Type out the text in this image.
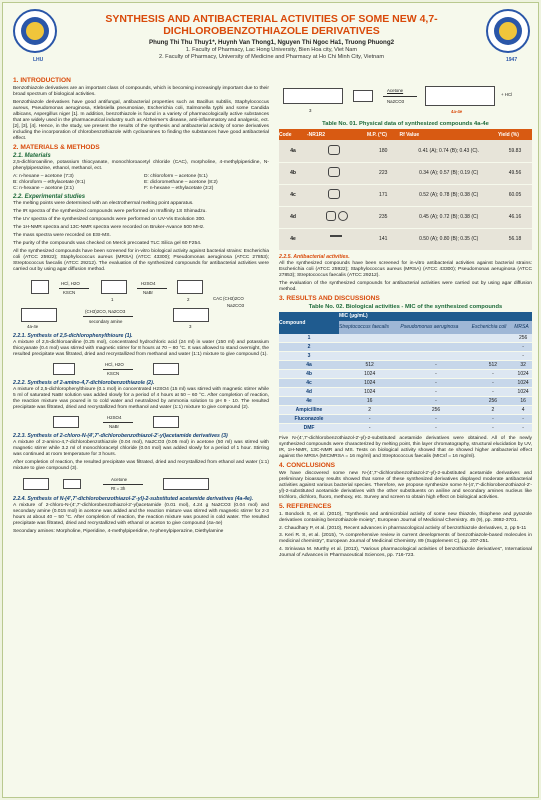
LHU
SYNTHESIS AND ANTIBACTERIAL ACTIVITIES OF SOME NEW 4,7-DICHLOROBENZOTHIAZOLE DERIVATIVES
Phung Thi Thu Thuy1*, Huynh Van Thong1, Nguyen Thi Ngoc Ha1, Truong Phuong2
1. Faculty of Pharmacy, Lac Hong University, Bien Hoa city, Viet Nam
2. Faculty of Pharmacy, University of Medicine and Pharmacy at Ho Chi Minh City, Vietnam	1947
1. INTRODUCTION

Benzothiazole derivatives are an important class of compounds, which is becoming increasingly important due to their broad spectrum of biological activities.

Benzothiazole derivatives have good antifungal, antibacterial properties such as Bacillus subtilis, Staphylococcus aureus, Pseudomonas aeruginosa, Klebsiella pneumoniae, Escherichia coli, Salmonella typhi and some Candida albicans, Aspergillus niger [1]. In addition, benzothiazole is found in a variety of pharmacologically active substances that are widely used in the pharmaceutical industry such as Alzheimer's disease, anti-inflammatory and analgesic, ect. [2], [3], [4]. Hence, in the study, we present the results of the synthesis and antibacterial activity of some derivatives including the incorporation of chlorobenzothiazole with cycloamines to finding the substances have good antibacterial effect.

2. MATERIALS & METHODS
2.1. Materials

2,5-dichloroaniline, potassium thiocyanate, monochloroacetyl chloride (CAC), morpholine, 4-methylpiperidine, N-phenylpiperazine, ethanol, methanol, ect.

A: n-hexane – acetone (7:3)	D: chloroform – acetone (5:1)
B: chloroform – ethylacetate (9:1)	E: dicloromethane – acetone (8:2)
C: n-hexane – acetone (2:1)	F: n-hexane – ethylacetate (3:2)
2.2. Experimental studies

The melting points were determined with an electrothermal melting point apparatus.

The IR spectra of the synthesized compounds were performed on Irraffinity 1S Shimadzu.

The UV spectra of the synthesized compounds were performed on UV-Vis Evolution 300.

The 1H-NMR spectra and 13C-NMR spectra were recorded on Bruker-Avance 500 MHz.

The mass spectra were recorded on ESI-MS.

The purity of the compounds was checked on Merck precoated TLC Silica gel 60 F254.

All the synthesized compounds have been screened for in-vitro biological activity against bacterial strains: Escherichia coli (ATCC 25922); Staphylococcus aureus (MRSA) (ATCC 43300); Pseudomonas aeruginosa (ATCC 27853); Streptococcus faecalis (ATCC 29212). The evaluation of the synthesized compounds for antibacterial activities were carried out by using agar diffusion method.

HCl, H2O
KSCN
1
H2SO4
NaBr
2	CAC (CH3)2CO
Na2CO3
4a-4e
(CH3)2CO, Na2CO3
secondary amine
3
2.2.1. Synthesis of 2,5-dichlorophenylthioure (1).

A mixture of 2,5-dichloroaniline (0.25 mol), concentrated hydrochloric acid (24 ml) in water (150 ml) and potassium thiocyanate (0.4 mol) was stirred with magnetic stirrer for 8 hours at 70 – 80 °C. It was allowed to stand overnight, the resulted precipitate was filtrated, dried and recrystallized from methanol and water (1:1) mixture to give compound (1).

HCl, H2O
KSCN
2.2.2. Synthesis of 2-amino-4,7-dichlorobenzothiazole (2).

A mixture of 2,5-dichlorophenylthioure (0.1 mol) in concentrated H2SO4 (15 ml) was stirred with magnetic stirrer while 5 ml of saturated NaBr solution was added slowly for a period of 4 hours at 50 – 60 °C. After completion of reaction, the reaction mixture was poured in to cold water and neutralized by ammonia solution to pH 9 - 10. The resulted precipitate was filtrated, dried and recrystallized from methanol and water (1:1) mixture to give compound (2).

H2SO4
NaBr
2.2.3. Synthesis of 2-chloro-N-(4',7'-dichlorobenzothiazol-2'-yl)acetamide derivatives (3)

A mixture of 2-amino-4,7-dichlorobenzothiazole (0.04 mol), Na2CO3 (0.05 mol) in acetone (50 ml) was stirred with magnetic stirrer while 3.2 ml of monochloracetyl chloride (0.04 mol) was added slowly for a period of 1 hour. Stirring was continued at room temperature for 3 hours.

After completion of reaction, the resulted precipitate was filtrated, dried and recrystallized from ethanol and water (1:1) mixture to give compound (3).

Acetone
Rt = 3h
2.2.4. Synthesis of N-(4',7'-dichlorobenzothiazol-2'-yl)-2-substituted acetamide derivatives (4a-4e).

A mixture of 2-chloro-N-(4',7'-dichlorobenzothiazol-2'-yl)acetamide (0.01 mol), 4.24 g Na2CO3 (0.04 mol) and secondary amine (0.015 mol) in acetone was added and the reaction mixture was stirred with magnetic stirrer for 2-3 hours at about 40 – 50 °C. After completion of reaction, the reaction mixture was poured in cold water. The resulted precipitate was filtrated, dried and recrystallized with ethanol or aceton to give compound (4a-4e)

Secondary amines: Morpholine, Piperidine, 4-methylpiperidine, N-phenylpiperazine, Diethylamine

3
Acetone
Na2CO3
4a-4e
+ HCl
Table No. 01. Physical data of synthesized compounds 4a-4e
Code	-NR1R2	M.P. (°C)	Rf Value	Yield (%)
4a		180	0.41 (A); 0.74 (B); 0.43 (C).	59.83
4b		223	0.34 (A); 0.57 (B); 0.19 (C)	49.56
4c		171	0.52 (A); 0.78 (B); 0.38 (C)	60.05
4d		235	0.45 (A); 0.72 (B); 0.38 (C)	46.16
4e		141	0.50 (A); 0.80 (B); 0.35 (C)	56.18
2.2.5. Antibacterial activities.

All the synthesized compounds have been screened for in-vitro antibacterial activities against bacterial strains: Escherichia coli (ATCC 25922); Staphylococcus aureus (MRSA) (ATCC 43300); Pseudomonas aeruginosa (ATCC 27853); Streptococcus faecalis (ATCC 29212).

The evaluation of the synthesized compounds for antibacterial activities were carried out by using agar diffusion method.

3. RESULTS AND DISCUSSIONS
Table No. 02. Biological activities - MIC of the synthesized compounds
Compound	MIC (µg/mL)			
	Streptococcus faecalis	Pseudomonas aeruginosa	Escherichia coli	MRSA
1				256
2				-
3				-
4a	512	-	512	32
4b	1024	-	-	1024
4c	1024	-	-	1024
4d	1024	-	-	1024
4e	16	-	256	16
Ampicilline	2	256	2	4
Fluconazole	-	-	-	-
DMF	-	-	-	-

Five N-(4',7'-dichlorobenzothiazol-2'-yl)-2-substituted acetamide derivatives were obtained. All of the newly synthesized compounds were characterized by melting point, thin layer chromatography, structural elucidation by UV, IR, 1H-NMR, 13C-NMR and MS. Tests on biological activity showed that 4e showed higher antibacterial effect against the MRSA (MICMRSA = 16 mg/ml) and Streptococcus faecalis (MICsf = 16 mg/ml).

4. CONCLUSIONS

We have discovered some new N-(4',7'-dichlorobenzothiazol-2'-yl)-2-substituted acetamide derivatives and preliminary bioassay results showed that some of these synthesized derivatives displayed moderate antibacterial activities against various bacterial species. Therefore, we propose synthesize some N-(4',7'-dichlorobenzothiazol-2'-yl)-2-substituted acetamide derivatives with the other substituents on aniline and secondary amines nucleus like trichloro, dichloro, fluoro, methoxy, etc. Survey and screen to obtain high effect on biological activities.

5. REFERENCES
1. Bondock S, et al. (2010), "Synthesis and antimicrobial activity of some new thiazole, thiophene and pyrazole derivatives containing benzothiazole moiety", European Journal of Medicinal Chemistry. 45 (9), pp. 3692-3701.
2. Chaudhary P, et al. (2010), Recent advances in pharmacological activity of benzothiazole derivatives, 2, pp 5-11
3. Keri R. S, et al. (2015), "A comprehensive review in current developments of benzothiazole-based molecules in medicinal chemistry", European Journal of Medicinal Chemistry. 89 (Supplement C), pp. 207-251.
4. Srinivasa M. Murthy et al. (2013), "Various pharmacological activities of benzothiazole derivatives", International Journal of Advances in Pharmaceutical Sciences, pp. 716-723.
